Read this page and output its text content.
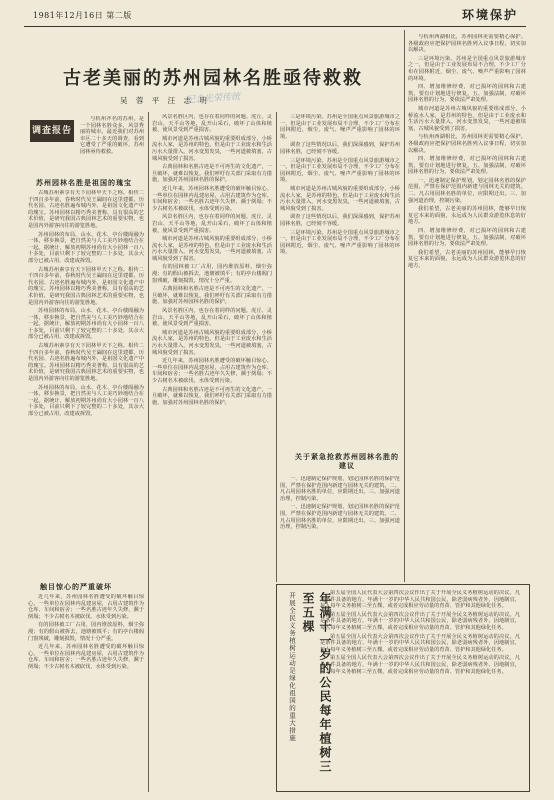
1981年12月16日 第二版	环境保护
古老美丽的苏州园林名胜亟待救救
吴 蓉 平 汪 志 明
纪念光荣传统
调查报告

与杭州齐名的苏州，是一个园林名胜众多，风景秀丽的城市。最近我们对苏州市区二十多天的调查，看到它遭受了严重的破坏，苏州园林亟待救救。

苏州园林名胜是祖国的瑰宝

古城苏州素享有天下园林甲天下之称。相传二千四百多年前，春秋时代吴王阖闾在这里建都，历代名园、古迹名胜遍布城内外，是祖国文化遗产中的瑰宝。苏州园林以精巧秀美著称，具有很高的艺术价值，是研究我国古典园林艺术的重要实物，也是国内外游客向往的游览胜地。

苏州园林的布局，山水、花木、亭台楼阁融为一体，移步换景，把自然美与人工美巧妙地结合在一起。据统计，解放初期苏州尚有大小园林一百八十多处，目前只剩下了较完整的二十多处，其余大部分已被占用、改建或拆毁。

古城苏州素享有天下园林甲天下之称。相传二千四百多年前，春秋时代吴王阖闾在这里建都，历代名园、古迹名胜遍布城内外，是祖国文化遗产中的瑰宝。苏州园林以精巧秀美著称，具有很高的艺术价值，是研究我国古典园林艺术的重要实物，也是国内外游客向往的游览胜地。

苏州园林的布局，山水、花木、亭台楼阁融为一体，移步换景，把自然美与人工美巧妙地结合在一起。据统计，解放初期苏州尚有大小园林一百八十多处，目前只剩下了较完整的二十多处，其余大部分已被占用、改建或拆毁。

古城苏州素享有天下园林甲天下之称。相传二千四百多年前，春秋时代吴王阖闾在这里建都，历代名园、古迹名胜遍布城内外，是祖国文化遗产中的瑰宝。苏州园林以精巧秀美著称，具有很高的艺术价值，是研究我国古典园林艺术的重要实物，也是国内外游客向往的游览胜地。

苏州园林的布局，山水、花木、亭台楼阁融为一体，移步换景，把自然美与人工美巧妙地结合在一起。据统计，解放初期苏州尚有大小园林一百八十多处，目前只剩下了较完整的二十多处，其余大部分已被占用、改建或拆毁。

触目惊心的严重破坏

近几年来，苏州园林名胜遭受的破坏触目惊心。一些单位在园林内乱建房屋，占用古建筑作为仓库、车间和宿舍；一些名胜古迹年久失修，濒于倒塌；不少古树名木被砍伐，水体受到污染。

有的园林被工厂占用，园内堆放原料，烟尘弥漫；有的假山被拆去，池塘被填平；有的亭台楼阁门窗残破，雕刻损毁，情况十分严重。

近几年来，苏州园林名胜遭受的破坏触目惊心。一些单位在园林内乱建房屋，占用古建筑作为仓库、车间和宿舍；一些名胜古迹年久失修，濒于倒塌；不少古树名木被砍伐，水体受到污染。

风景名胜区内，也存在着同样的问题。虎丘、灵岩山、天平山等地，乱开山采石，破坏了山体和植被，使风景受到严重损害。

城市河道是苏州古城风貌的重要组成部分，小桥流水人家，是苏州的特色。但是由于工业废水和生活污水大量排入，河水变黑发臭，一些河道被填塞，古城风貌受到了损害。

古典园林和名胜古迹是不可再生的文化遗产，一旦破坏，就难以恢复。我们呼吁有关部门采取有力措施，加强对苏州园林名胜的保护。

近几年来，苏州园林名胜遭受的破坏触目惊心。一些单位在园林内乱建房屋，占用古建筑作为仓库、车间和宿舍；一些名胜古迹年久失修，濒于倒塌；不少古树名木被砍伐，水体受到污染。

风景名胜区内，也存在着同样的问题。虎丘、灵岩山、天平山等地，乱开山采石，破坏了山体和植被，使风景受到严重损害。

城市河道是苏州古城风貌的重要组成部分，小桥流水人家，是苏州的特色。但是由于工业废水和生活污水大量排入，河水变黑发臭，一些河道被填塞，古城风貌受到了损害。

有的园林被工厂占用，园内堆放原料，烟尘弥漫；有的假山被拆去，池塘被填平；有的亭台楼阁门窗残破，雕刻损毁，情况十分严重。

古典园林和名胜古迹是不可再生的文化遗产，一旦破坏，就难以恢复。我们呼吁有关部门采取有力措施，加强对苏州园林名胜的保护。

风景名胜区内，也存在着同样的问题。虎丘、灵岩山、天平山等地，乱开山采石，破坏了山体和植被，使风景受到严重损害。

城市河道是苏州古城风貌的重要组成部分，小桥流水人家，是苏州的特色。但是由于工业废水和生活污水大量排入，河水变黑发臭，一些河道被填塞，古城风貌受到了损害。

近几年来，苏州园林名胜遭受的破坏触目惊心。一些单位在园林内乱建房屋，占用古建筑作为仓库、车间和宿舍；一些名胜古迹年久失修，濒于倒塌；不少古树名木被砍伐，水体受到污染。

古典园林和名胜古迹是不可再生的文化遗产，一旦破坏，就难以恢复。我们呼吁有关部门采取有力措施，加强对苏州园林名胜的保护。

三是环境污染。苏州是全国重点风景旅游城市之一，但是由于工业发展布局不合理，不少工厂分布在园林附近，烟尘、废气、噪声严重影响了园林的环境。

调查了这些情况以后，我们深深感到，保护苏州园林名胜，已经刻不容缓。

三是环境污染。苏州是全国重点风景旅游城市之一，但是由于工业发展布局不合理，不少工厂分布在园林附近，烟尘、废气、噪声严重影响了园林的环境。

城市河道是苏州古城风貌的重要组成部分，小桥流水人家，是苏州的特色。但是由于工业废水和生活污水大量排入，河水变黑发臭，一些河道被填塞，古城风貌受到了损害。

调查了这些情况以后，我们深深感到，保护苏州园林名胜，已经刻不容缓。

三是环境污染。苏州是全国重点风景旅游城市之一，但是由于工业发展布局不合理，不少工厂分布在园林附近，烟尘、废气、噪声严重影响了园林的环境。

关于紧急抢救苏州园林名胜的建议

一、迅速制定保护规划，划定园林名胜的保护范围，严禁在保护范围内新建与园林无关的建筑。二、凡占用园林名胜的单位，应限期迁出。三、加强河道治理，控制污染。

一、迅速制定保护规划，划定园林名胜的保护范围，严禁在保护范围内新建与园林无关的建筑。二、凡占用园林名胜的单位，应限期迁出。三、加强河道治理，控制污染。

与杭州西湖相比，苏州园林更需要精心保护。各级政府应把保护园林名胜列入议事日程，切实加以解决。

三是环境污染。苏州是全国重点风景旅游城市之一，但是由于工业发展布局不合理，不少工厂分布在园林附近，烟尘、废气、噪声严重影响了园林的环境。

四、增加维修经费，对已损坏的园林和古建筑，要有计划地进行修复。五、加强法制，对破坏园林名胜的行为，要依法严肃处理。

城市河道是苏州古城风貌的重要组成部分，小桥流水人家，是苏州的特色。但是由于工业废水和生活污水大量排入，河水变黑发臭，一些河道被填塞，古城风貌受到了损害。

与杭州西湖相比，苏州园林更需要精心保护。各级政府应把保护园林名胜列入议事日程，切实加以解决。

四、增加维修经费，对已损坏的园林和古建筑，要有计划地进行修复。五、加强法制，对破坏园林名胜的行为，要依法严肃处理。

一、迅速制定保护规划，划定园林名胜的保护范围，严禁在保护范围内新建与园林无关的建筑。二、凡占用园林名胜的单位，应限期迁出。三、加强河道治理，控制污染。

我们希望，古老美丽的苏州园林，能够早日恢复它本来的面貌，永远成为人民群众游览休息的好地方。

四、增加维修经费，对已损坏的园林和古建筑，要有计划地进行修复。五、加强法制，对破坏园林名胜的行为，要依法严肃处理。

我们希望，古老美丽的苏州园林，能够早日恢复它本来的面貌，永远成为人民群众游览休息的好地方。

开展全民义务植树运动是绿化祖国的重大措施	年满十一岁的公民每年植树三至五棵	第五届全国人民代表大会第四次会议作出了关于开展全民义务植树运动的决议。凡是条件具备的地方，年满十一岁的中华人民共和国公民，除老弱病残者外，因地制宜，每人每年义务植树三至五棵，或者完成相应劳动量的育苗、管护和其他绿化任务。

第五届全国人民代表大会第四次会议作出了关于开展全民义务植树运动的决议。凡是条件具备的地方，年满十一岁的中华人民共和国公民，除老弱病残者外，因地制宜，每人每年义务植树三至五棵，或者完成相应劳动量的育苗、管护和其他绿化任务。

第五届全国人民代表大会第四次会议作出了关于开展全民义务植树运动的决议。凡是条件具备的地方，年满十一岁的中华人民共和国公民，除老弱病残者外，因地制宜，每人每年义务植树三至五棵，或者完成相应劳动量的育苗、管护和其他绿化任务。

第五届全国人民代表大会第四次会议作出了关于开展全民义务植树运动的决议。凡是条件具备的地方，年满十一岁的中华人民共和国公民，除老弱病残者外，因地制宜，每人每年义务植树三至五棵，或者完成相应劳动量的育苗、管护和其他绿化任务。
